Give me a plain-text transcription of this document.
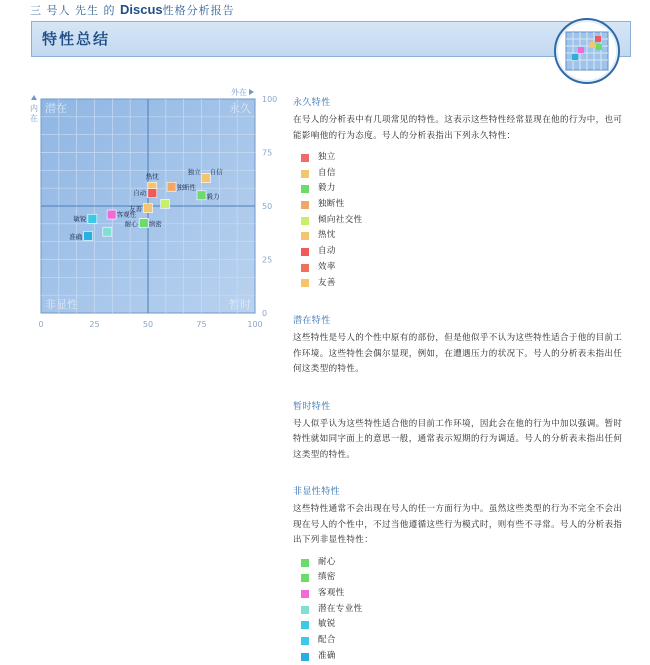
三 号人 先生 的 Discus性格分析报告
特性总结
0	25	50	75	100
100
75
50
25
0
外在
内
在
潜在	永久
非显性	暂时
独立 自信
热忱
自动
独断性
毅力
友善
客观性
耐心 缜密
敏锐
准确
永久特性
在号人的分析表中有几项常见的特性。这表示这些特性经常显现在他的行为中，也可能影响他的行为态度。号人的分析表指出下列永久特性：
独立
自信
毅力
独断性
倾向社交性
热忱
自动
效率
友善
潜在特性
这些特性是号人的个性中原有的部份，但是他似乎不认为这些特性适合于他的目前工作环境。这些特性会偶尔显现，例如，在遭遇压力的状况下。号人的分析表未指出任何这类型的特性。
暂时特性
号人似乎认为这些特性适合他的目前工作环境，因此会在他的行为中加以强调。暂时特性就如同字面上的意思一般，通常表示短期的行为调适。号人的分析表未指出任何这类型的特性。
非显性特性
这些特性通常不会出现在号人的任一方面行为中。虽然这些类型的行为不完全不会出现在号人的个性中，不过当他遵循这些行为模式时，则有些不寻常。号人的分析表指出下列非显性特性：
耐心
缜密
客观性
潜在专业性
敏锐
配合
准确
